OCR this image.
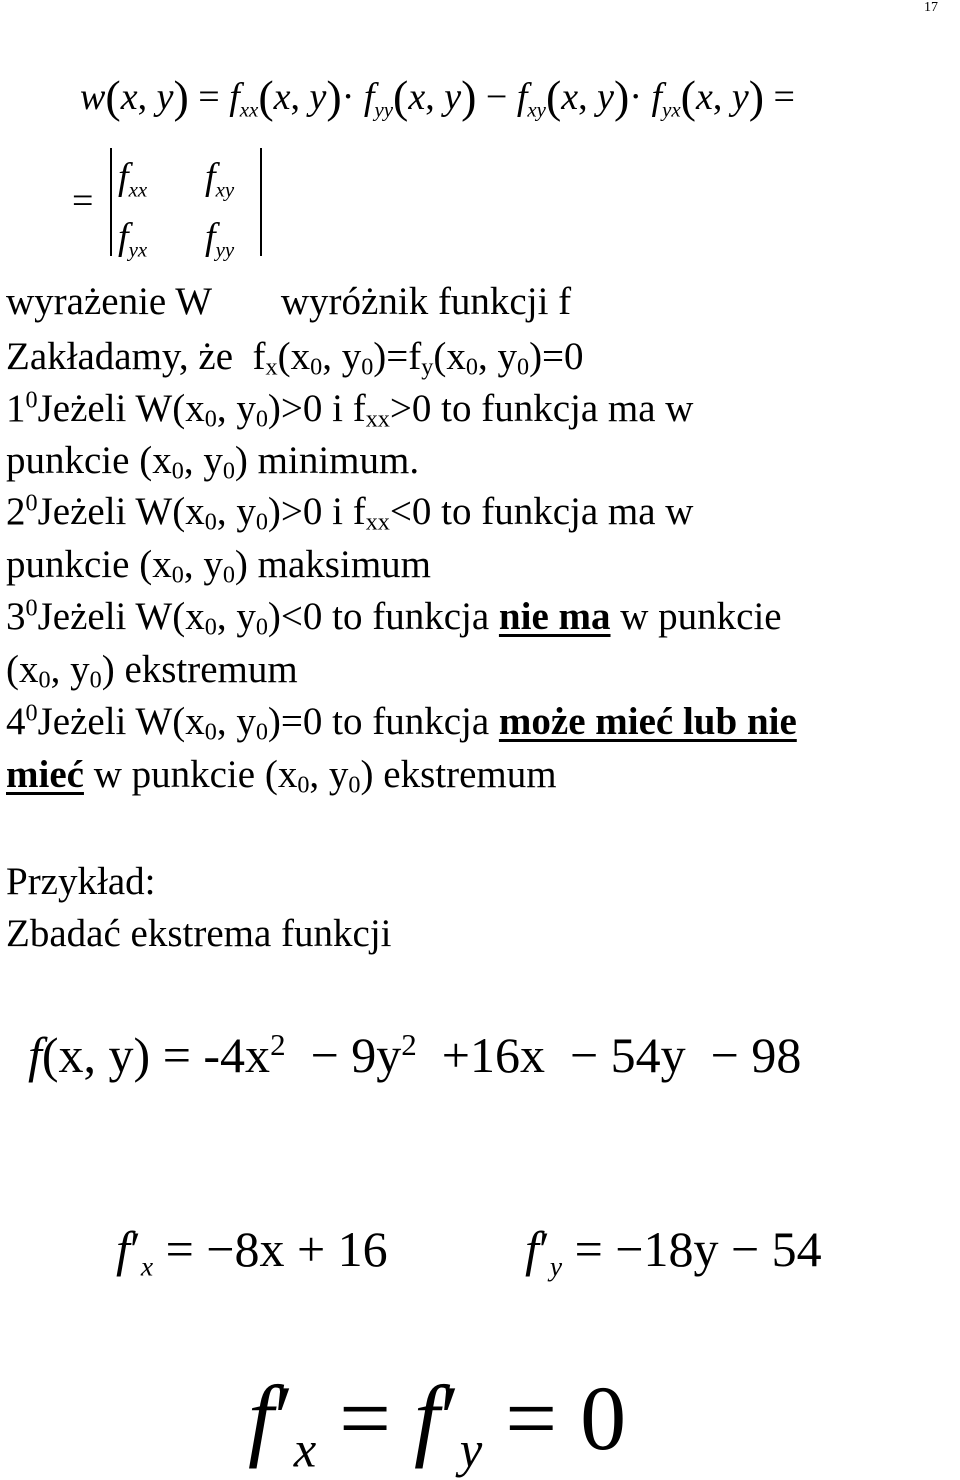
17
w(x, y) = fxx(x, y)· fyy(x, y) − fxy(x, y)· fyx(x, y) =
=
fxx fxy
fyx fyy
wyrażenie W wyróżnik funkcji f
Zakładamy, że  $f_x(x_0$, $y_0)=f_y(x_0$, $y_0)=0$
$1^0Jeżeli$ $W(x_0$, $y_0)>0$ i $f_{xx}>0$ to funkcja ma w
punkcie ($x_0$, $y_0$) minimum.
$2^0Jeżeli$ $W(x_0$, $y_0)>0$ i $f_{xx}<0$ to funkcja ma w
punkcie ($x_0$, $y_0$) maksimum
$3^0Jeżeli$ $W(x_0$, $y_0)<0$ to funkcja nie ma w punkcie
($x_0$, $y_0$) ekstremum
$4^0Jeżeli$ $W(x_0$, $y_0)=0$ to funkcja może mieć lub nie
mieć w punkcie ($x_0$, $y_0$) ekstremum
Przykład:
Zbadać ekstrema funkcji
f(x, $y) = -4x^2 - 9y^2 +16x - 54y - 98$
f′x = −8x + 16	f′y = −18y − 54
f′x = f′y = 0
